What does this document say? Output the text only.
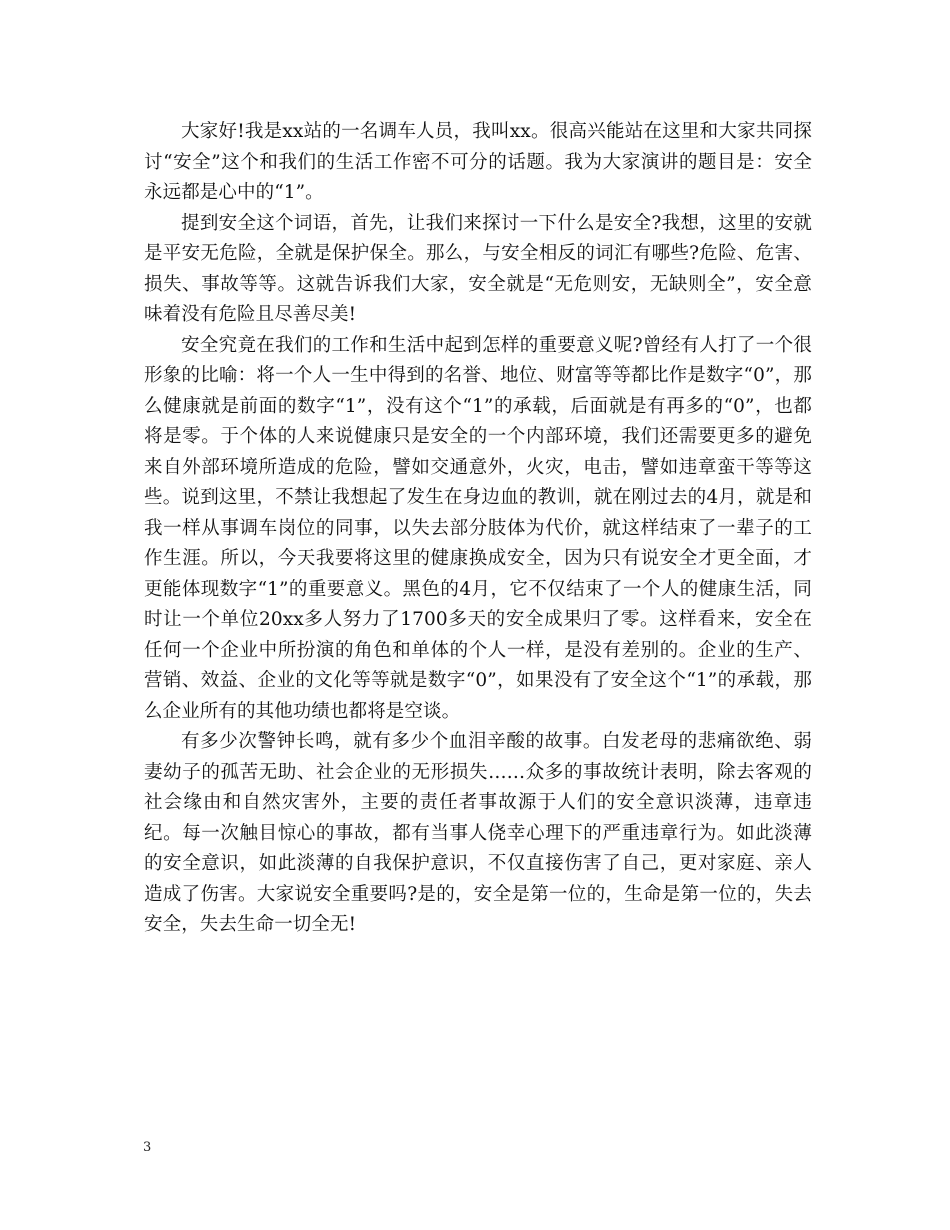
大家好!我是xx站的一名调车人员，我叫xx。很高兴能站在这里和大家共同探讨“安全”这个和我们的生活工作密不可分的话题。我为大家演讲的题目是：安全永远都是心中的“1”。

提到安全这个词语，首先，让我们来探讨一下什么是安全?我想，这里的安就是平安无危险，全就是保护保全。那么，与安全相反的词汇有哪些?危险、危害、损失、事故等等。这就告诉我们大家，安全就是“无危则安，无缺则全”，安全意味着没有危险且尽善尽美!

安全究竟在我们的工作和生活中起到怎样的重要意义呢?曾经有人打了一个很形象的比喻：将一个人一生中得到的名誉、地位、财富等等都比作是数字“0”，那么健康就是前面的数字“1”，没有这个“1”的承载，后面就是有再多的“0”，也都将是零。于个体的人来说健康只是安全的一个内部环境，我们还需要更多的避免来自外部环境所造成的危险，譬如交通意外，火灾，电击，譬如违章蛮干等等这些。说到这里，不禁让我想起了发生在身边血的教训，就在刚过去的4月，就是和我一样从事调车岗位的同事，以失去部分肢体为代价，就这样结束了一辈子的工作生涯。所以，今天我要将这里的健康换成安全，因为只有说安全才更全面，才更能体现数字“1”的重要意义。黑色的4月，它不仅结束了一个人的健康生活，同时让一个单位20xx多人努力了1700多天的安全成果归了零。这样看来，安全在任何一个企业中所扮演的角色和单体的个人一样，是没有差别的。企业的生产、营销、效益、企业的文化等等就是数字“0”，如果没有了安全这个“1”的承载，那么企业所有的其他功绩也都将是空谈。

有多少次警钟长鸣，就有多少个血泪辛酸的故事。白发老母的悲痛欲绝、弱妻幼子的孤苦无助、社会企业的无形损失……众多的事故统计表明，除去客观的社会缘由和自然灾害外，主要的责任者事故源于人们的安全意识淡薄，违章违纪。每一次触目惊心的事故，都有当事人侥幸心理下的严重违章行为。如此淡薄的安全意识，如此淡薄的自我保护意识，不仅直接伤害了自己，更对家庭、亲人造成了伤害。大家说安全重要吗?是的，安全是第一位的，生命是第一位的，失去安全，失去生命一切全无!

3
